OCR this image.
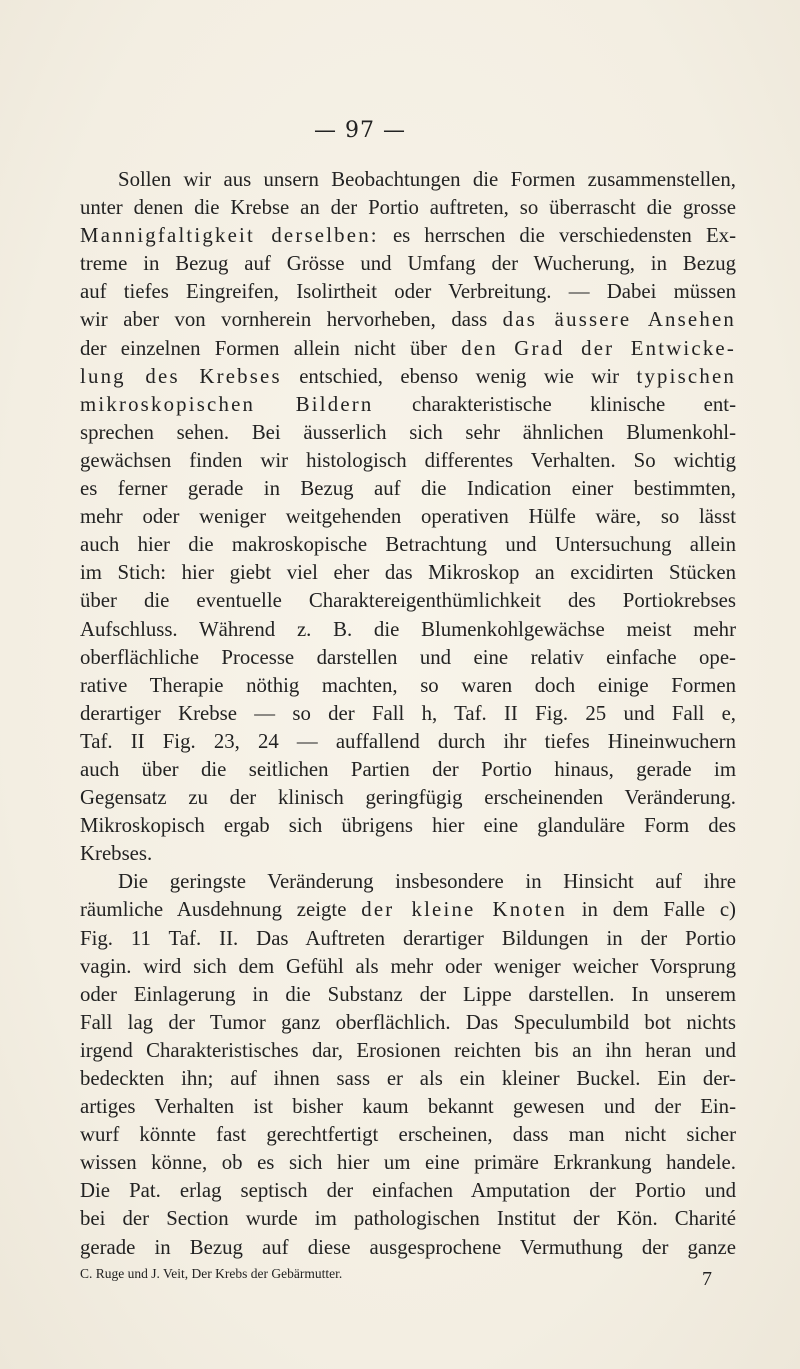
— 97 —
Sollen wir aus unsern Beobachtungen die Formen zusammenstellen,
unter denen die Krebse an der Portio auftreten, so überrascht die grosse
Mannigfaltigkeit derselben: es herrschen die verschiedensten Ex-
treme in Bezug auf Grösse und Umfang der Wucherung, in Bezug
auf tiefes Eingreifen, Isolirtheit oder Verbreitung. — Dabei müssen
wir aber von vornherein hervorheben, dass das äussere Ansehen
der einzelnen Formen allein nicht über den Grad der Entwicke-
lung des Krebses entschied, ebenso wenig wie wir typischen
mikroskopischen Bildern charakteristische klinische ent-
sprechen sehen. Bei äusserlich sich sehr ähnlichen Blumenkohl-
gewächsen finden wir histologisch differentes Verhalten. So wichtig
es ferner gerade in Bezug auf die Indication einer bestimmten,
mehr oder weniger weitgehenden operativen Hülfe wäre, so lässt
auch hier die makroskopische Betrachtung und Untersuchung allein
im Stich: hier giebt viel eher das Mikroskop an excidirten Stücken
über die eventuelle Charaktereigenthümlichkeit des Portiokrebses
Aufschluss. Während z. B. die Blumenkohlgewächse meist mehr
oberflächliche Processe darstellen und eine relativ einfache ope-
rative Therapie nöthig machten, so waren doch einige Formen
derartiger Krebse — so der Fall h, Taf. II Fig. 25 und Fall e,
Taf. II Fig. 23, 24 — auffallend durch ihr tiefes Hineinwuchern
auch über die seitlichen Partien der Portio hinaus, gerade im
Gegensatz zu der klinisch geringfügig erscheinenden Veränderung.
Mikroskopisch ergab sich übrigens hier eine glanduläre Form des
Krebses.
Die geringste Veränderung insbesondere in Hinsicht auf ihre
räumliche Ausdehnung zeigte der kleine Knoten in dem Falle c)
Fig. 11 Taf. II. Das Auftreten derartiger Bildungen in der Portio
vagin. wird sich dem Gefühl als mehr oder weniger weicher Vorsprung
oder Einlagerung in die Substanz der Lippe darstellen. In unserem
Fall lag der Tumor ganz oberflächlich. Das Speculumbild bot nichts
irgend Charakteristisches dar, Erosionen reichten bis an ihn heran und
bedeckten ihn; auf ihnen sass er als ein kleiner Buckel. Ein der-
artiges Verhalten ist bisher kaum bekannt gewesen und der Ein-
wurf könnte fast gerechtfertigt erscheinen, dass man nicht sicher
wissen könne, ob es sich hier um eine primäre Erkrankung handele.
Die Pat. erlag septisch der einfachen Amputation der Portio und
bei der Section wurde im pathologischen Institut der Kön. Charité
gerade in Bezug auf diese ausgesprochene Vermuthung der ganze
C. Ruge und J. Veit, Der Krebs der Gebärmutter.	7
